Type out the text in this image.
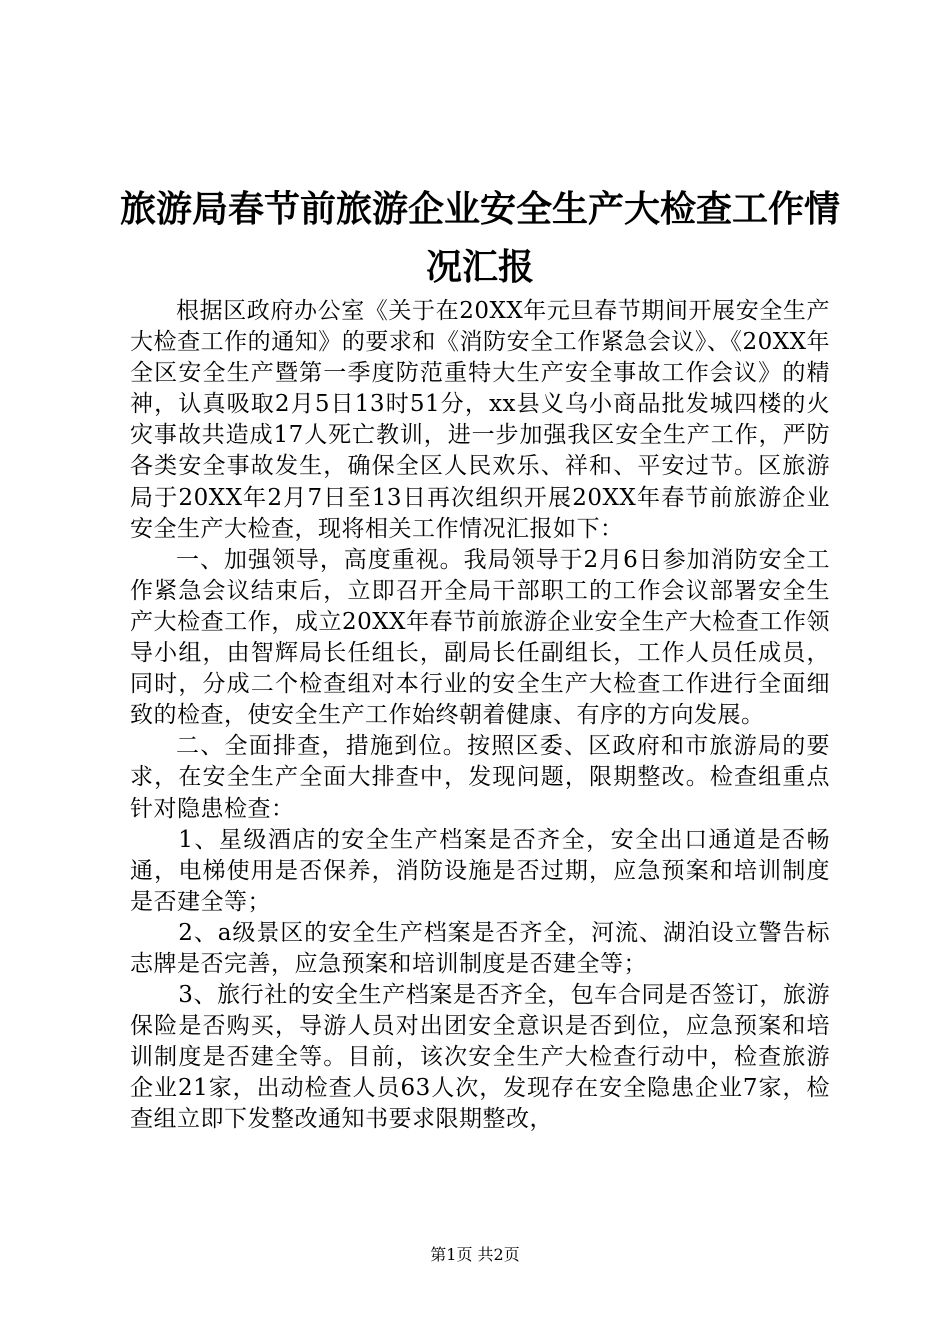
旅游局春节前旅游企业安全生产大检查工作情
况汇报

根据区政府办公室《关于在20XX年元旦春节期间开展安全生产大检查工作的通知》的要求和《消防安全工作紧急会议》、《20XX年全区安全生产暨第一季度防范重特大生产安全事故工作会议》的精神，认真吸取2月5日13时51分，xx县义乌小商品批发城四楼的火灾事故共造成17人死亡教训，进一步加强我区安全生产工作，严防各类安全事故发生，确保全区人民欢乐、祥和、平安过节。区旅游局于20XX年2月7日至13日再次组织开展20XX年春节前旅游企业安全生产大检查，现将相关工作情况汇报如下：

一、加强领导，高度重视。我局领导于2月6日参加消防安全工作紧急会议结束后，立即召开全局干部职工的工作会议部署安全生产大检查工作，成立20XX年春节前旅游企业安全生产大检查工作领导小组，由智辉局长任组长，副局长任副组长，工作人员任成员，同时，分成二个检查组对本行业的安全生产大检查工作进行全面细致的检查，使安全生产工作始终朝着健康、有序的方向发展。

二、全面排查，措施到位。按照区委、区政府和市旅游局的要求，在安全生产全面大排查中，发现问题，限期整改。检查组重点针对隐患检查：

1、星级酒店的安全生产档案是否齐全，安全出口通道是否畅通，电梯使用是否保养，消防设施是否过期，应急预案和培训制度是否建全等；

2、a级景区的安全生产档案是否齐全，河流、湖泊设立警告标志牌是否完善，应急预案和培训制度是否建全等；

3、旅行社的安全生产档案是否齐全，包车合同是否签订，旅游保险是否购买，导游人员对出团安全意识是否到位，应急预案和培训制度是否建全等。目前，该次安全生产大检查行动中，检查旅游企业21家，出动检查人员63人次，发现存在安全隐患企业7家，检查组立即下发整改通知书要求限期整改，

第1页 共2页
